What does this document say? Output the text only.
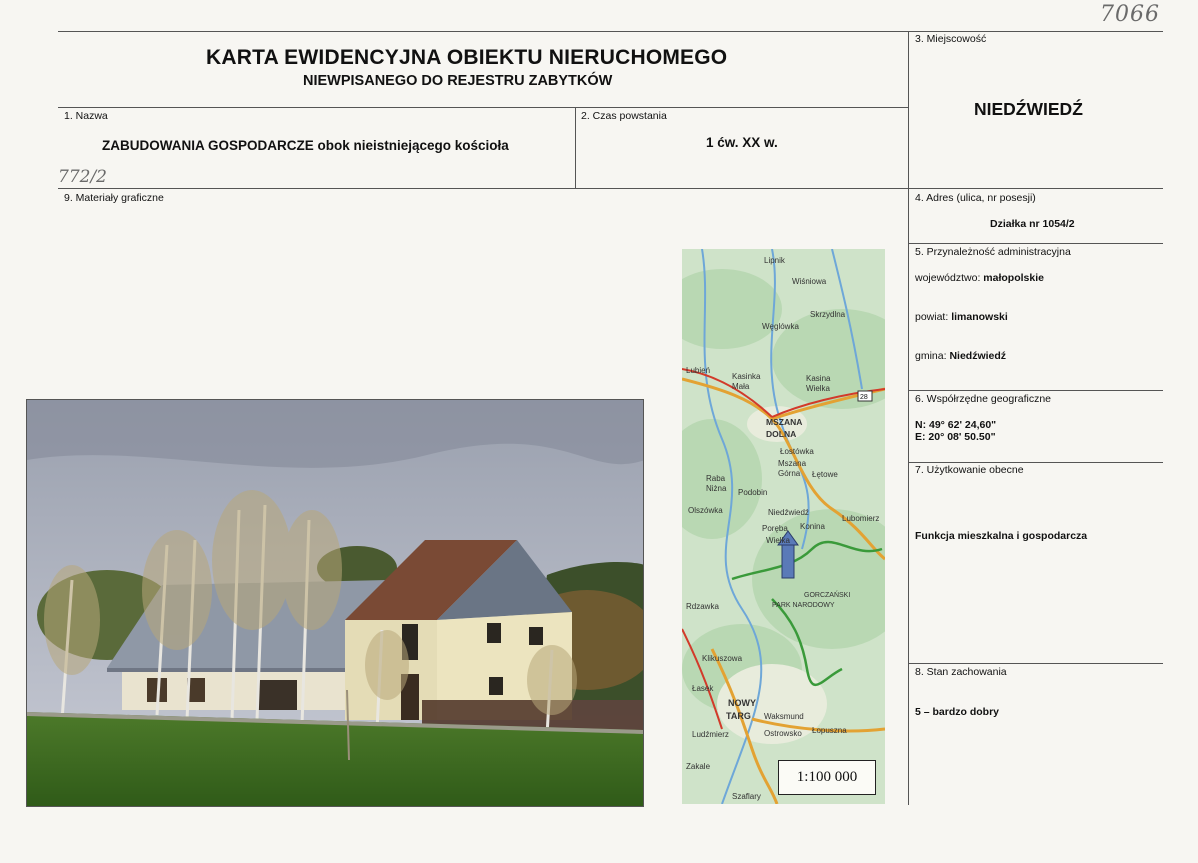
7066
772/2
KARTA EWIDENCYJNA OBIEKTU NIERUCHOMEGO
NIEWPISANEGO DO REJESTRU ZABYTKÓW
1. Nazwa
ZABUDOWANIA GOSPODARCZE obok nieistniejącego kościoła
2. Czas powstania
1 ćw. XX w.
3. Miejscowość
NIEDŹWIEDŹ
4. Adres (ulica, nr posesji)
Działka nr 1054/2
5. Przynależność administracyjna
województwo: małopolskie
powiat: limanowski
gmina: Niedźwiedź
6. Współrzędne geograficzne
N: 49° 62' 24,60"
E: 20° 08' 50.50"
7. Użytkowanie obecne
Funkcja mieszkalna i gospodarcza
8. Stan zachowania
5 – bardzo dobry
9. Materiały graficzne
Lipnik
Wiśniowa
Skrzydlna
Węglówka
Lubień
Kasinka
Mała
Kasina
Wielka
MSZANA
DOLNA
Łostówka
Mszana
Górna Łętowe
Raba
Niżna Podobin
Olszówka	Niedźwiedź
Poręba
Wielka
Konina
Lubomierz
GORCZAŃSKI
PARK NARODOWY
Rdzawka
Klikuszowa
Łasek
NOWY
TARG Waksmund
Ludźmierz	Ostrowsko Łopuszna
Zakale
Szaflary
28
1:100 000
